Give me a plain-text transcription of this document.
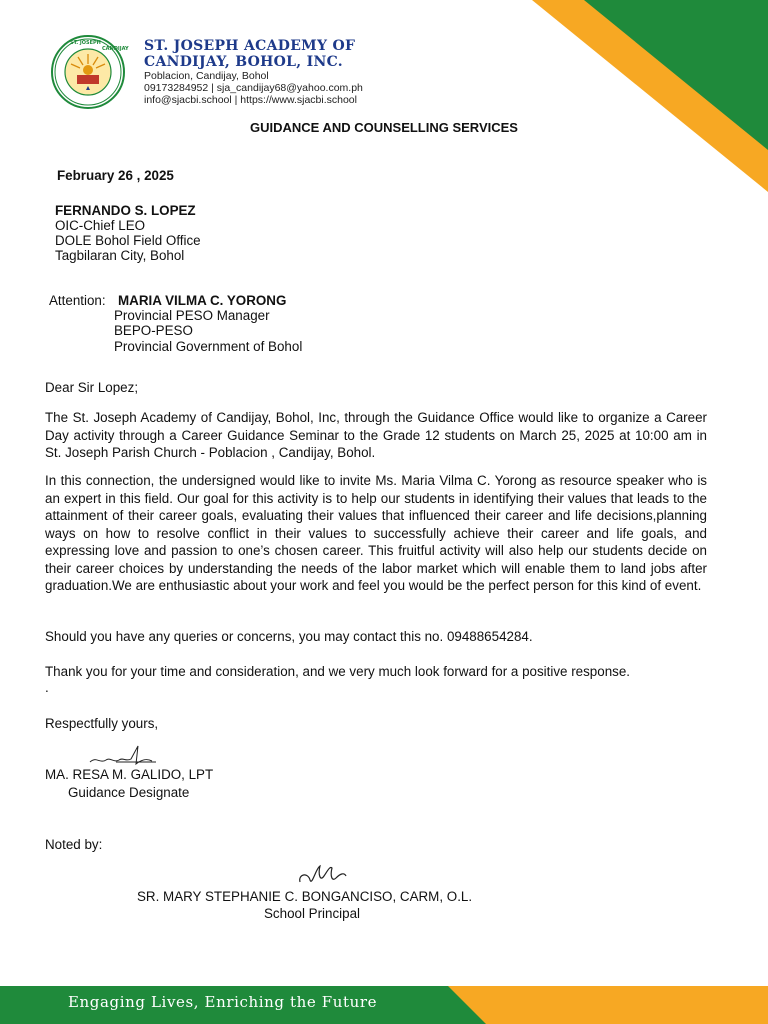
ST. JOSEPH
CANDIJAY ST. JOSEPH ACADEMY OF
CANDIJAY, BOHOL, INC.
Poblacion, Candijay, Bohol
09173284952 | sja_candijay68@yahoo.com.ph
info@sjacbi.school | https://www.sjacbi.school
GUIDANCE AND COUNSELLING SERVICES
February 26 , 2025
FERNANDO S. LOPEZ
OIC-Chief LEO
DOLE Bohol Field Office
Tagbilaran City, Bohol
Attention: MARIA VILMA C. YORONG
Provincial PESO Manager
BEPO-PESO
Provincial Government of Bohol
Dear Sir Lopez;
The St. Joseph Academy of Candijay, Bohol, Inc, through the Guidance Office would like to organize a Career Day activity through a Career Guidance Seminar to the Grade 12 students on March 25, 2025 at 10:00 am in St. Joseph Parish Church - Poblacion , Candijay, Bohol.
In this connection, the undersigned would like to invite Ms. Maria Vilma C. Yorong as resource speaker who is an expert in this field. Our goal for this activity is to help our students in identifying their values that leads to the attainment of their career goals, evaluating their values that influenced their career and life decisions,planning ways on how to resolve conflict in their values to successfully achieve their career and life goals, and expressing love and passion to one’s chosen career. This fruitful activity will also help our students decide on their career choices by understanding the needs of the labor market which will enable them to land jobs after graduation.We are enthusiastic about your work and feel you would be the perfect person for this kind of event.
Should you have any queries or concerns, you may contact this no. 09488654284.
Thank you for your time and consideration, and we very much look forward for a positive response.
.
Respectfully yours,
MA. RESA M. GALIDO, LPT
Guidance Designate
Noted by:
SR. MARY STEPHANIE C. BONGANCISO, CARM, O.L.
School Principal
Engaging Lives, Enriching the Future
